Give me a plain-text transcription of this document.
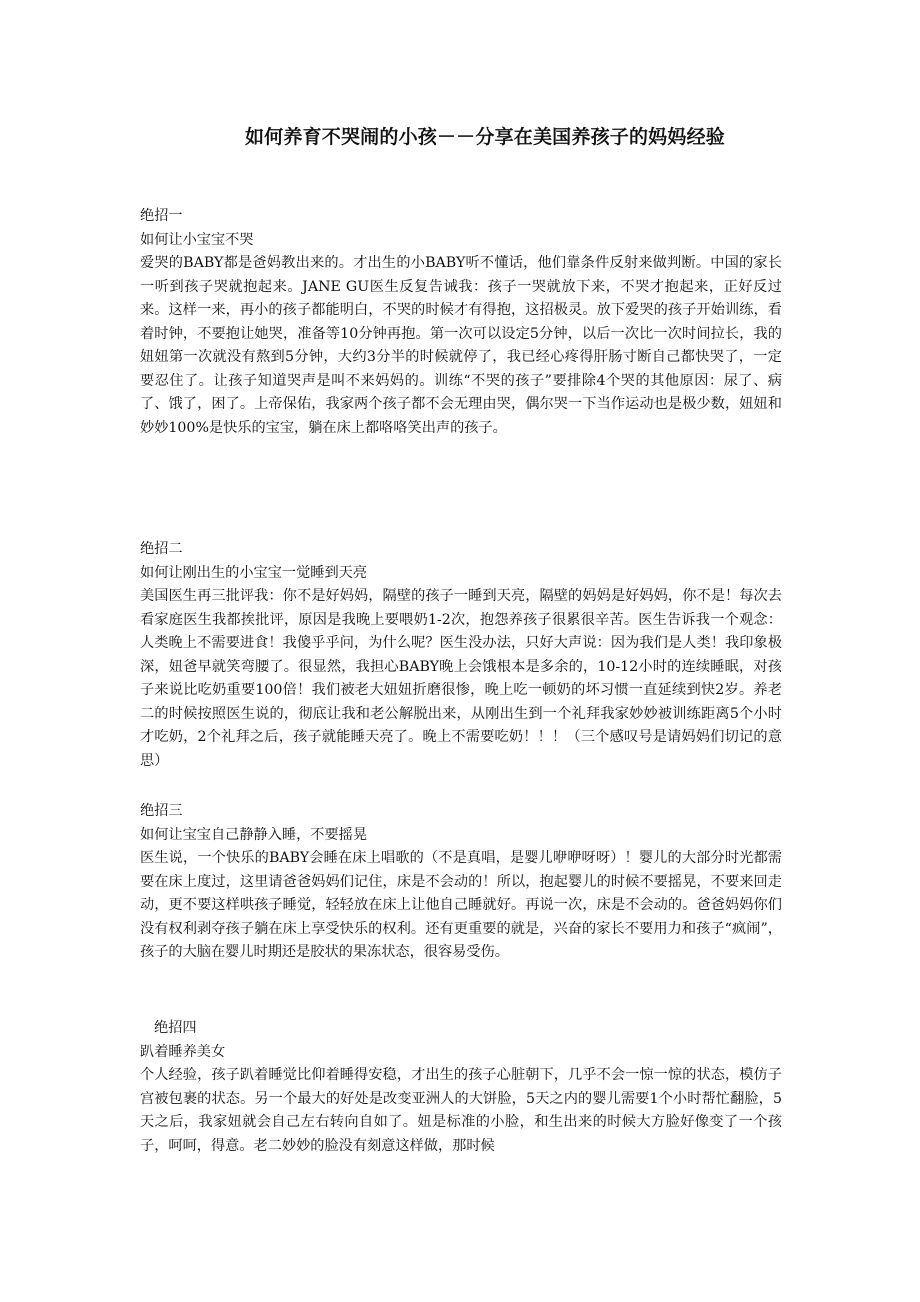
如何养育不哭闹的小孩－－分享在美国养孩子的妈妈经验

绝招一

如何让小宝宝不哭

爱哭的BABY都是爸妈教出来的。才出生的小BABY听不懂话，他们靠条件反射来做判断。中国的家长一听到孩子哭就抱起来。JANE GU医生反复告诫我：孩子一哭就放下来，不哭才抱起来，正好反过来。这样一来，再小的孩子都能明白，不哭的时候才有得抱，这招极灵。放下爱哭的孩子开始训练，看着时钟，不要抱让她哭，准备等10分钟再抱。第一次可以设定5分钟，以后一次比一次时间拉长，我的妞妞第一次就没有熬到5分钟，大约3分半的时候就停了，我已经心疼得肝肠寸断自己都快哭了，一定要忍住了。让孩子知道哭声是叫不来妈妈的。训练“不哭的孩子”要排除4个哭的其他原因：尿了、病了、饿了，困了。上帝保佑，我家两个孩子都不会无理由哭，偶尔哭一下当作运动也是极少数，妞妞和妙妙100%是快乐的宝宝，躺在床上都咯咯笑出声的孩子。

绝招二

如何让刚出生的小宝宝一觉睡到天亮

美国医生再三批评我：你不是好妈妈，隔壁的孩子一睡到天亮，隔壁的妈妈是好妈妈，你不是！每次去看家庭医生我都挨批评，原因是我晚上要喂奶1-2次，抱怨养孩子很累很辛苦。医生告诉我一个观念：人类晚上不需要进食！我傻乎乎问，为什么呢？医生没办法，只好大声说：因为我们是人类！我印象极深，妞爸早就笑弯腰了。很显然，我担心BABY晚上会饿根本是多余的，10-12小时的连续睡眠，对孩子来说比吃奶重要100倍！我们被老大妞妞折磨很惨，晚上吃一顿奶的坏习惯一直延续到快2岁。养老二的时候按照医生说的，彻底让我和老公解脱出来，从刚出生到一个礼拜我家妙妙被训练距离5个小时才吃奶，2个礼拜之后，孩子就能睡天亮了。晚上不需要吃奶！！！（三个感叹号是请妈妈们切记的意思）

绝招三

如何让宝宝自己静静入睡，不要摇晃

医生说，一个快乐的BABY会睡在床上唱歌的（不是真唱，是婴儿咿咿呀呀）！婴儿的大部分时光都需要在床上度过，这里请爸爸妈妈们记住，床是不会动的！所以，抱起婴儿的时候不要摇晃，不要来回走动，更不要这样哄孩子睡觉，轻轻放在床上让他自己睡就好。再说一次，床是不会动的。爸爸妈妈你们没有权利剥夺孩子躺在床上享受快乐的权利。还有更重要的就是，兴奋的家长不要用力和孩子“疯闹”，孩子的大脑在婴儿时期还是胶状的果冻状态，很容易受伤。

绝招四

趴着睡养美女

个人经验，孩子趴着睡觉比仰着睡得安稳，才出生的孩子心脏朝下，几乎不会一惊一惊的状态，模仿子宫被包裹的状态。另一个最大的好处是改变亚洲人的大饼脸，5天之内的婴儿需要1个小时帮忙翻脸，5天之后，我家妞就会自己左右转向自如了。妞是标准的小脸，和生出来的时候大方脸好像变了一个孩子，呵呵，得意。老二妙妙的脸没有刻意这样做，那时候
